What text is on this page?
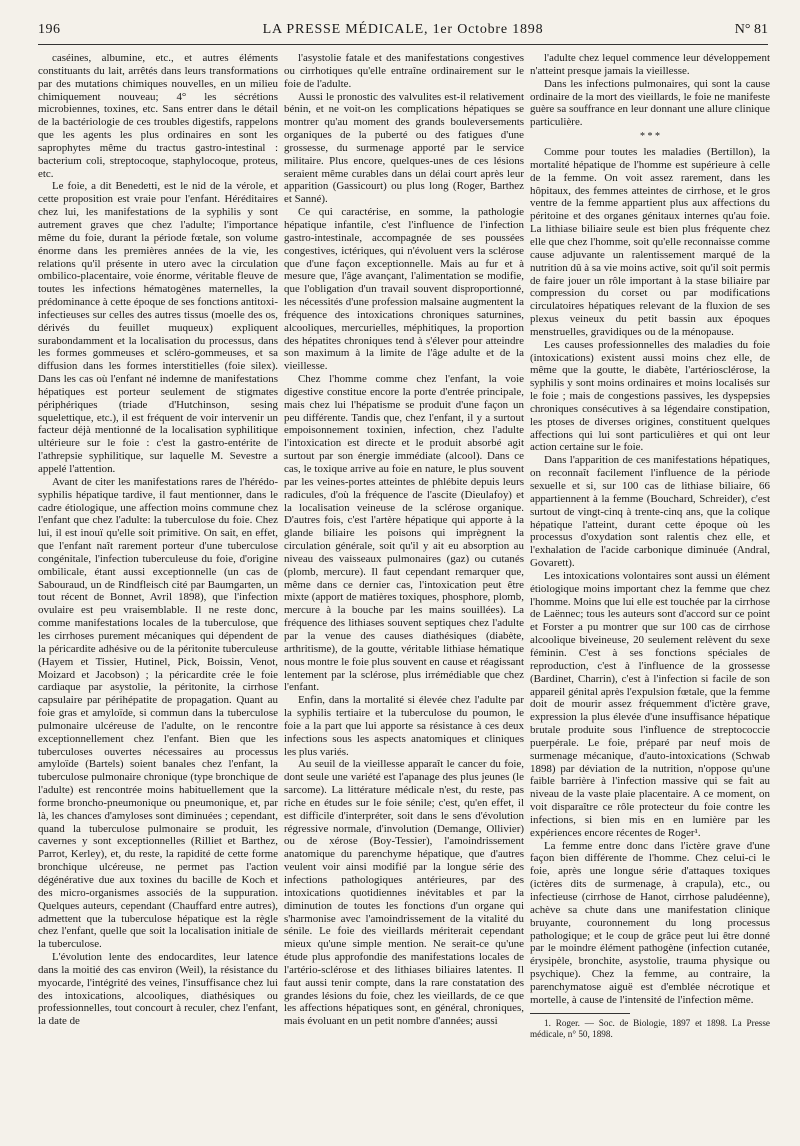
196	LA PRESSE MÉDICALE, 1er Octobre 1898	N° 81

caséines, albumine, etc., et autres éléments constituants du lait, arrêtés dans leurs transformations par des mutations chimiques nouvelles, en un milieu chimiquement nouveau; 4° les sécrétions microbiennes, toxines, etc. Sans entrer dans le détail de la bactériologie de ces troubles digestifs, rappelons que les agents les plus ordinaires en sont les saprophytes même du tractus gastro-intestinal : bacterium coli, streptocoque, staphylocoque, proteus, etc.

Le foie, a dit Benedetti, est le nid de la vérole, et cette proposition est vraie pour l'enfant. Héréditaires chez lui, les manifestations de la syphilis y sont autrement graves que chez l'adulte; l'importance même du foie, durant la période fœtale, son volume énorme dans les premières années de la vie, les relations qu'il présente in utero avec la circulation ombilico-placentaire, voie énorme, véritable fleuve de toutes les infections hématogènes maternelles, la prédominance à cette époque de ses fonctions antitoxi-infectieuses sur celles des autres tissus (moelle des os, dérivés du feuillet muqueux) expliquent surabondamment et la localisation du processus, dans les formes gommeuses et scléro-gommeuses, et sa diffusion dans les formes interstitielles (foie silex). Dans les cas où l'enfant né indemne de manifestations hépatiques est porteur seulement de stigmates périphériques (triade d'Hutchinson, sesing squelettique, etc.), il est fréquent de voir intervenir un facteur déjà mentionné de la localisation syphilitique ultérieure sur le foie : c'est la gastro-entérite de l'athrepsie syphilitique, sur laquelle M. Sevestre a appelé l'attention.

Avant de citer les manifestations rares de l'hérédo-syphilis hépatique tardive, il faut mentionner, dans le cadre étiologique, une affection moins commune chez l'enfant que chez l'adulte: la tuberculose du foie. Chez lui, il est inouï qu'elle soit primitive. On sait, en effet, que l'enfant naît rarement porteur d'une tuberculose congénitale, l'infection tuberculeuse du foie, d'origine ombilicale, étant aussi exceptionnelle (un cas de Sabouraud, un de Rindfleisch cité par Baumgarten, un tout récent de Bonnet, Avril 1898), que l'infection ovulaire est peu vraisemblable. Il ne reste donc, comme manifestations locales de la tuberculose, que les cirrhoses purement mécaniques qui dépendent de la péricardite adhésive ou de la péritonite tuberculeuse (Hayem et Tissier, Hutinel, Pick, Boissin, Venot, Moizard et Jacobson) ; la péricardite crée le foie cardiaque par asystolie, la péritonite, la cirrhose capsulaire par périhépatite de propagation. Quant au foie gras et amyloïde, si commun dans la tuberculose pulmonaire ulcéreuse de l'adulte, on le rencontre exceptionnellement chez l'enfant. Bien que les tuberculoses ouvertes nécessaires au processus amyloïde (Bartels) soient banales chez l'enfant, la tuberculose pulmonaire chronique (type bronchique de l'adulte) est rencontrée moins habituellement que la forme broncho-pneumonique ou pneumonique, et, par là, les chances d'amyloses sont diminuées ; cependant, quand la tuberculose pulmonaire se produit, les cavernes y sont exceptionnelles (Rilliet et Barthez, Parrot, Kerley), et, du reste, la rapidité de cette forme bronchique ulcéreuse, ne permet pas l'action dégénérative due aux toxines du bacille de Koch et des micro-organismes associés de la suppuration. Quelques auteurs, cependant (Chauffard entre autres), admettent que la tuberculose hépatique est la règle chez l'enfant, quelle que soit la localisation initiale de la tuberculose.

L'évolution lente des endocardites, leur latence dans la moitié des cas environ (Weil), la résistance du myocarde, l'intégrité des veines, l'insuffisance chez lui des intoxications, alcooliques, diathésiques ou professionnelles, tout concourt à reculer, chez l'enfant, la date de

l'asystolie fatale et des manifestations congestives ou cirrhotiques qu'elle entraîne ordinairement sur le foie de l'adulte.

Aussi le pronostic des valvulites est-il relativement bénin, et ne voit-on les complications hépatiques se montrer qu'au moment des grands bouleversements organiques de la puberté ou des fatigues d'une grossesse, du surmenage apporté par le service militaire. Plus encore, quelques-unes de ces lésions seraient même curables dans un délai court après leur apparition (Gassicourt) ou plus long (Roger, Barthez et Sanné).

Ce qui caractérise, en somme, la pathologie hépatique infantile, c'est l'influence de l'infection gastro-intestinale, accompagnée de ses poussées congestives, ictériques, qui n'évoluent vers la sclérose que d'une façon exceptionnelle. Mais au fur et à mesure que, l'âge avançant, l'alimentation se modifie, que l'obligation d'un travail souvent disproportionné, les nécessités d'une profession malsaine augmentent la fréquence des intoxications chroniques saturnines, alcooliques, mercurielles, méphitiques, la proportion des hépatites chroniques tend à s'élever pour atteindre son maximum à la limite de l'âge adulte et de la vieillesse.

Chez l'homme comme chez l'enfant, la voie digestive constitue encore la porte d'entrée principale, mais chez lui l'hépatisme se produit d'une façon un peu différente. Tandis que, chez l'enfant, il y a surtout empoisonnement toxinien, infection, chez l'adulte l'intoxication est directe et le produit absorbé agit surtout par son énergie immédiate (alcool). Dans ce cas, le toxique arrive au foie en nature, le plus souvent par les veines-portes atteintes de phlébite depuis leurs radicules, d'où la fréquence de l'ascite (Dieulafoy) et la localisation veineuse de la sclérose organique. D'autres fois, c'est l'artère hépatique qui apporte à la glande biliaire les poisons qui imprègnent la circulation générale, soit qu'il y ait eu absorption au niveau des vaisseaux pulmonaires (gaz) ou cutanés (plomb, mercure). Il faut cependant remarquer que, même dans ce dernier cas, l'intoxication peut être mixte (apport de matières toxiques, phosphore, plomb, mercure à la bouche par les mains souillées). La fréquence des lithiases souvent septiques chez l'adulte par la venue des causes diathésiques (diabète, arthritisme), de la goutte, véritable lithiase hématique nous montre le foie plus souvent en cause et réagissant lentement par la sclérose, plus irrémédiable que chez l'enfant.

Enfin, dans la mortalité si élevée chez l'adulte par la syphilis tertiaire et la tuberculose du poumon, le foie a la part que lui apporte sa résistance à ces deux infections sous les aspects anatomiques et cliniques les plus variés.

Au seuil de la vieillesse apparaît le cancer du foie, dont seule une variété est l'apanage des plus jeunes (le sarcome). La littérature médicale n'est, du reste, pas riche en études sur le foie sénile; c'est, qu'en effet, il est difficile d'interpréter, soit dans le sens d'évolution régressive normale, d'involution (Demange, Ollivier) ou de xérose (Boy-Tessier), l'amoindrissement anatomique du parenchyme hépatique, que d'autres veulent voir ainsi modifié par la longue série des infections pathologiques antérieures, par des intoxications quotidiennes inévitables et par la diminution de toutes les fonctions d'un organe qui s'harmonise avec l'amoindrissement de la vitalité du sénile. Le foie des vieillards mériterait cependant mieux qu'une simple mention. Ne serait-ce qu'une étude plus approfondie des manifestations locales de l'artério-sclérose et des lithiases biliaires latentes. Il faut aussi tenir compte, dans la rare constatation des grandes lésions du foie, chez les vieillards, de ce que les affections hépatiques sont, en général, chroniques, mais évoluant en un petit nombre d'années; aussi

l'adulte chez lequel commence leur développement n'atteint presque jamais la vieillesse.

Dans les infections pulmonaires, qui sont la cause ordinaire de la mort des vieillards, le foie ne manifeste guère sa souffrance en leur donnant une allure clinique particulière.

* * *

Comme pour toutes les maladies (Bertillon), la mortalité hépatique de l'homme est supérieure à celle de la femme. On voit assez rarement, dans les hôpitaux, des femmes atteintes de cirrhose, et le gros ventre de la femme appartient plus aux affections du péritoine et des organes génitaux internes qu'au foie. La lithiase biliaire seule est bien plus fréquente chez elle que chez l'homme, soit qu'elle reconnaisse comme cause adjuvante un ralentissement marqué de la nutrition dû à sa vie moins active, soit qu'il soit permis de faire jouer un rôle important à la stase biliaire par compression du corset ou par modifications circulatoires hépatiques relevant de la fluxion de ses plexus veineux du petit bassin aux époques menstruelles, gravidiques ou de la ménopause.

Les causes professionnelles des maladies du foie (intoxications) existent aussi moins chez elle, de même que la goutte, le diabète, l'artériosclérose, la syphilis y sont moins ordinaires et moins localisés sur le foie ; mais de congestions passives, les dyspepsies chroniques consécutives à sa légendaire constipation, les ptoses de diverses origines, constituent quelques affections qui lui sont particulières et qui ont leur action certaine sur le foie.

Dans l'apparition de ces manifestations hépatiques, on reconnaît facilement l'influence de la période sexuelle et si, sur 100 cas de lithiase biliaire, 66 appartiennent à la femme (Bouchard, Schreider), c'est surtout de vingt-cinq à trente-cinq ans, que la colique hépatique l'atteint, durant cette époque où les processus d'oxydation sont ralentis chez elle, et l'exhalation de l'acide carbonique diminuée (Andral, Govarett).

Les intoxications volontaires sont aussi un élément étiologique moins important chez la femme que chez l'homme. Moins que lui elle est touchée par la cirrhose de Laënnec; tous les auteurs sont d'accord sur ce point et Forster a pu montrer que sur 100 cas de cirrhose alcoolique biveineuse, 20 seulement relèvent du sexe féminin. C'est à ses fonctions spéciales de reproduction, c'est à l'influence de la grossesse (Bardinet, Charrin), c'est à l'infection si facile de son appareil génital après l'expulsion fœtale, que la femme doit de mourir assez fréquemment d'ictère grave, expression la plus élevée d'une insuffisance hépatique brutale produite sous l'influence de streptococcie puerpérale. Le foie, préparé par neuf mois de surmenage mécanique, d'auto-intoxications (Schwab 1898) par déviation de la nutrition, n'oppose qu'une faible barrière à l'infection massive qui se fait au niveau de la vaste plaie placentaire. A ce moment, on voit disparaître ce rôle protecteur du foie contre les infections, si bien mis en en lumière par les expériences encore récentes de Roger¹.

La femme entre donc dans l'ictère grave d'une façon bien différente de l'homme. Chez celui-ci le foie, après une longue série d'attaques toxiques (ictères dits de surmenage, à crapula), etc., ou infectieuse (cirrhose de Hanot, cirrhose paludéenne), achève sa chute dans une manifestation clinique bruyante, couronnement du long processus pathologique; et le coup de grâce peut lui être donné par le moindre élément pathogène (infection cutanée, érysipèle, bronchite, asystolie, trauma physique ou psychique). Chez la femme, au contraire, la parenchymatose aiguë est d'emblée nécrotique et mortelle, à cause de l'intensité de l'infection même.

1. Roger. — Soc. de Biologie, 1897 et 1898. La Presse médicale, n° 50, 1898.
